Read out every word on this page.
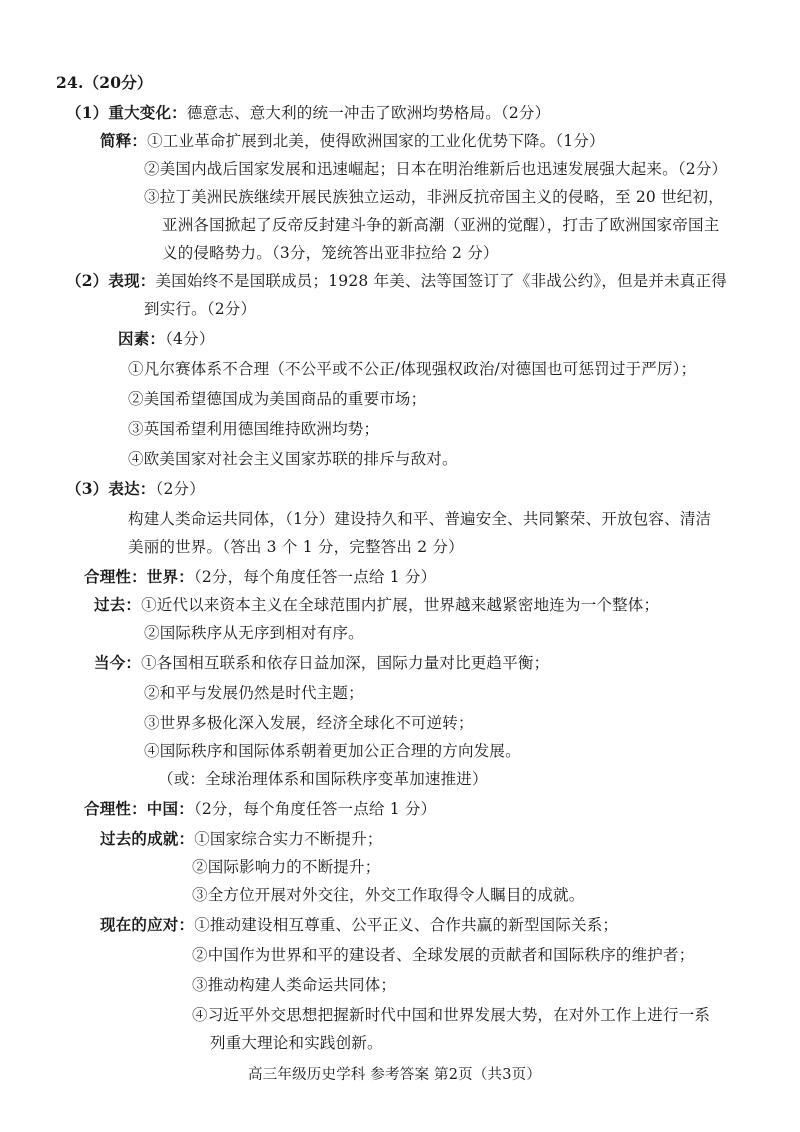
24.（20分）
（1）重大变化：德意志、意大利的统一冲击了欧洲均势格局。（2分）
简释：①工业革命扩展到北美，使得欧洲国家的工业化优势下降。（1分）
②美国内战后国家发展和迅速崛起；日本在明治维新后也迅速发展强大起来。（2分）
③拉丁美洲民族继续开展民族独立运动，非洲反抗帝国主义的侵略，至 20 世纪初，
亚洲各国掀起了反帝反封建斗争的新高潮（亚洲的觉醒），打击了欧洲国家帝国主
义的侵略势力。（3分，笼统答出亚非拉给 2 分）
（2）表现：美国始终不是国联成员；1928 年美、法等国签订了《非战公约》，但是并未真正得
到实行。（2分）
因素：（4分）
①凡尔赛体系不合理（不公平或不公正/体现强权政治/对德国也可惩罚过于严厉）；
②美国希望德国成为美国商品的重要市场；
③英国希望利用德国维持欧洲均势；
④欧美国家对社会主义国家苏联的排斥与敌对。
（3）表达：（2分）
构建人类命运共同体，（1分）建设持久和平、普遍安全、共同繁荣、开放包容、清洁
美丽的世界。（答出 3 个 1 分，完整答出 2 分）
合理性：世界：（2分，每个角度任答一点给 1 分）
过去：①近代以来资本主义在全球范围内扩展，世界越来越紧密地连为一个整体；
②国际秩序从无序到相对有序。
当今：①各国相互联系和依存日益加深，国际力量对比更趋平衡；
②和平与发展仍然是时代主题；
③世界多极化深入发展，经济全球化不可逆转；
④国际秩序和国际体系朝着更加公正合理的方向发展。
（或：全球治理体系和国际秩序变革加速推进）
合理性：中国：（2分，每个角度任答一点给 1 分）
过去的成就：①国家综合实力不断提升；
②国际影响力的不断提升；
③全方位开展对外交往，外交工作取得令人瞩目的成就。
现在的应对：①推动建设相互尊重、公平正义、合作共赢的新型国际关系；
②中国作为世界和平的建设者、全球发展的贡献者和国际秩序的维护者；
③推动构建人类命运共同体；
④习近平外交思想把握新时代中国和世界发展大势，在对外工作上进行一系
列重大理论和实践创新。
高三年级历史学科 参考答案 第2页（共3页）
